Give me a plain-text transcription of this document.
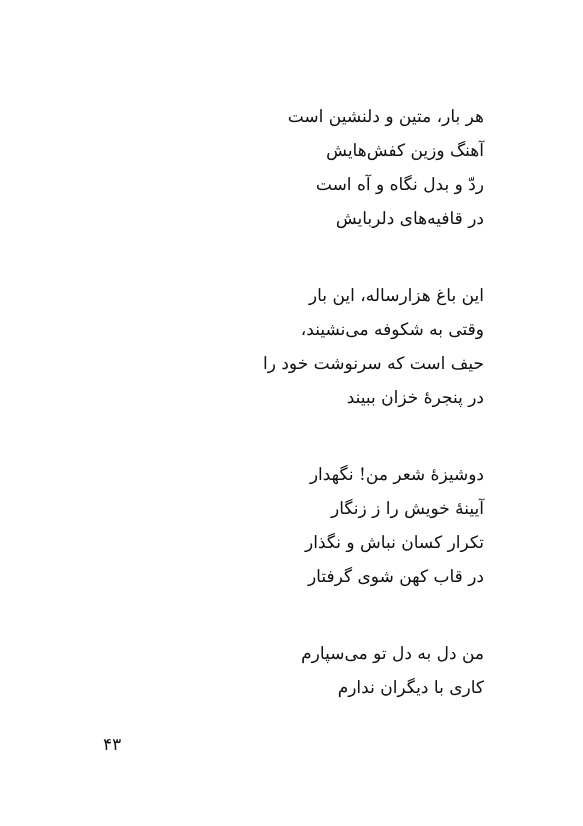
هر بار، متین و دلنشین است
آهنگ وزین کفش‌هایش
ردّ و بدل نگاه و آه است
در قافیه‌های دلربایش
این باغ هزارساله، این بار
وقتی به شکوفه می‌نشیند،
حیف است که سرنوشت خود را
در پنجرهٔ خزان ببیند
دوشیزهٔ شعر من! نگهدار
آیینهٔ خویش را ز زنگار
تکرار کسان نباش و نگذار
در قاب کهن شوی گرفتار
من دل به دل تو می‌سپارم
کاری با دیگران ندارم
۴۳
